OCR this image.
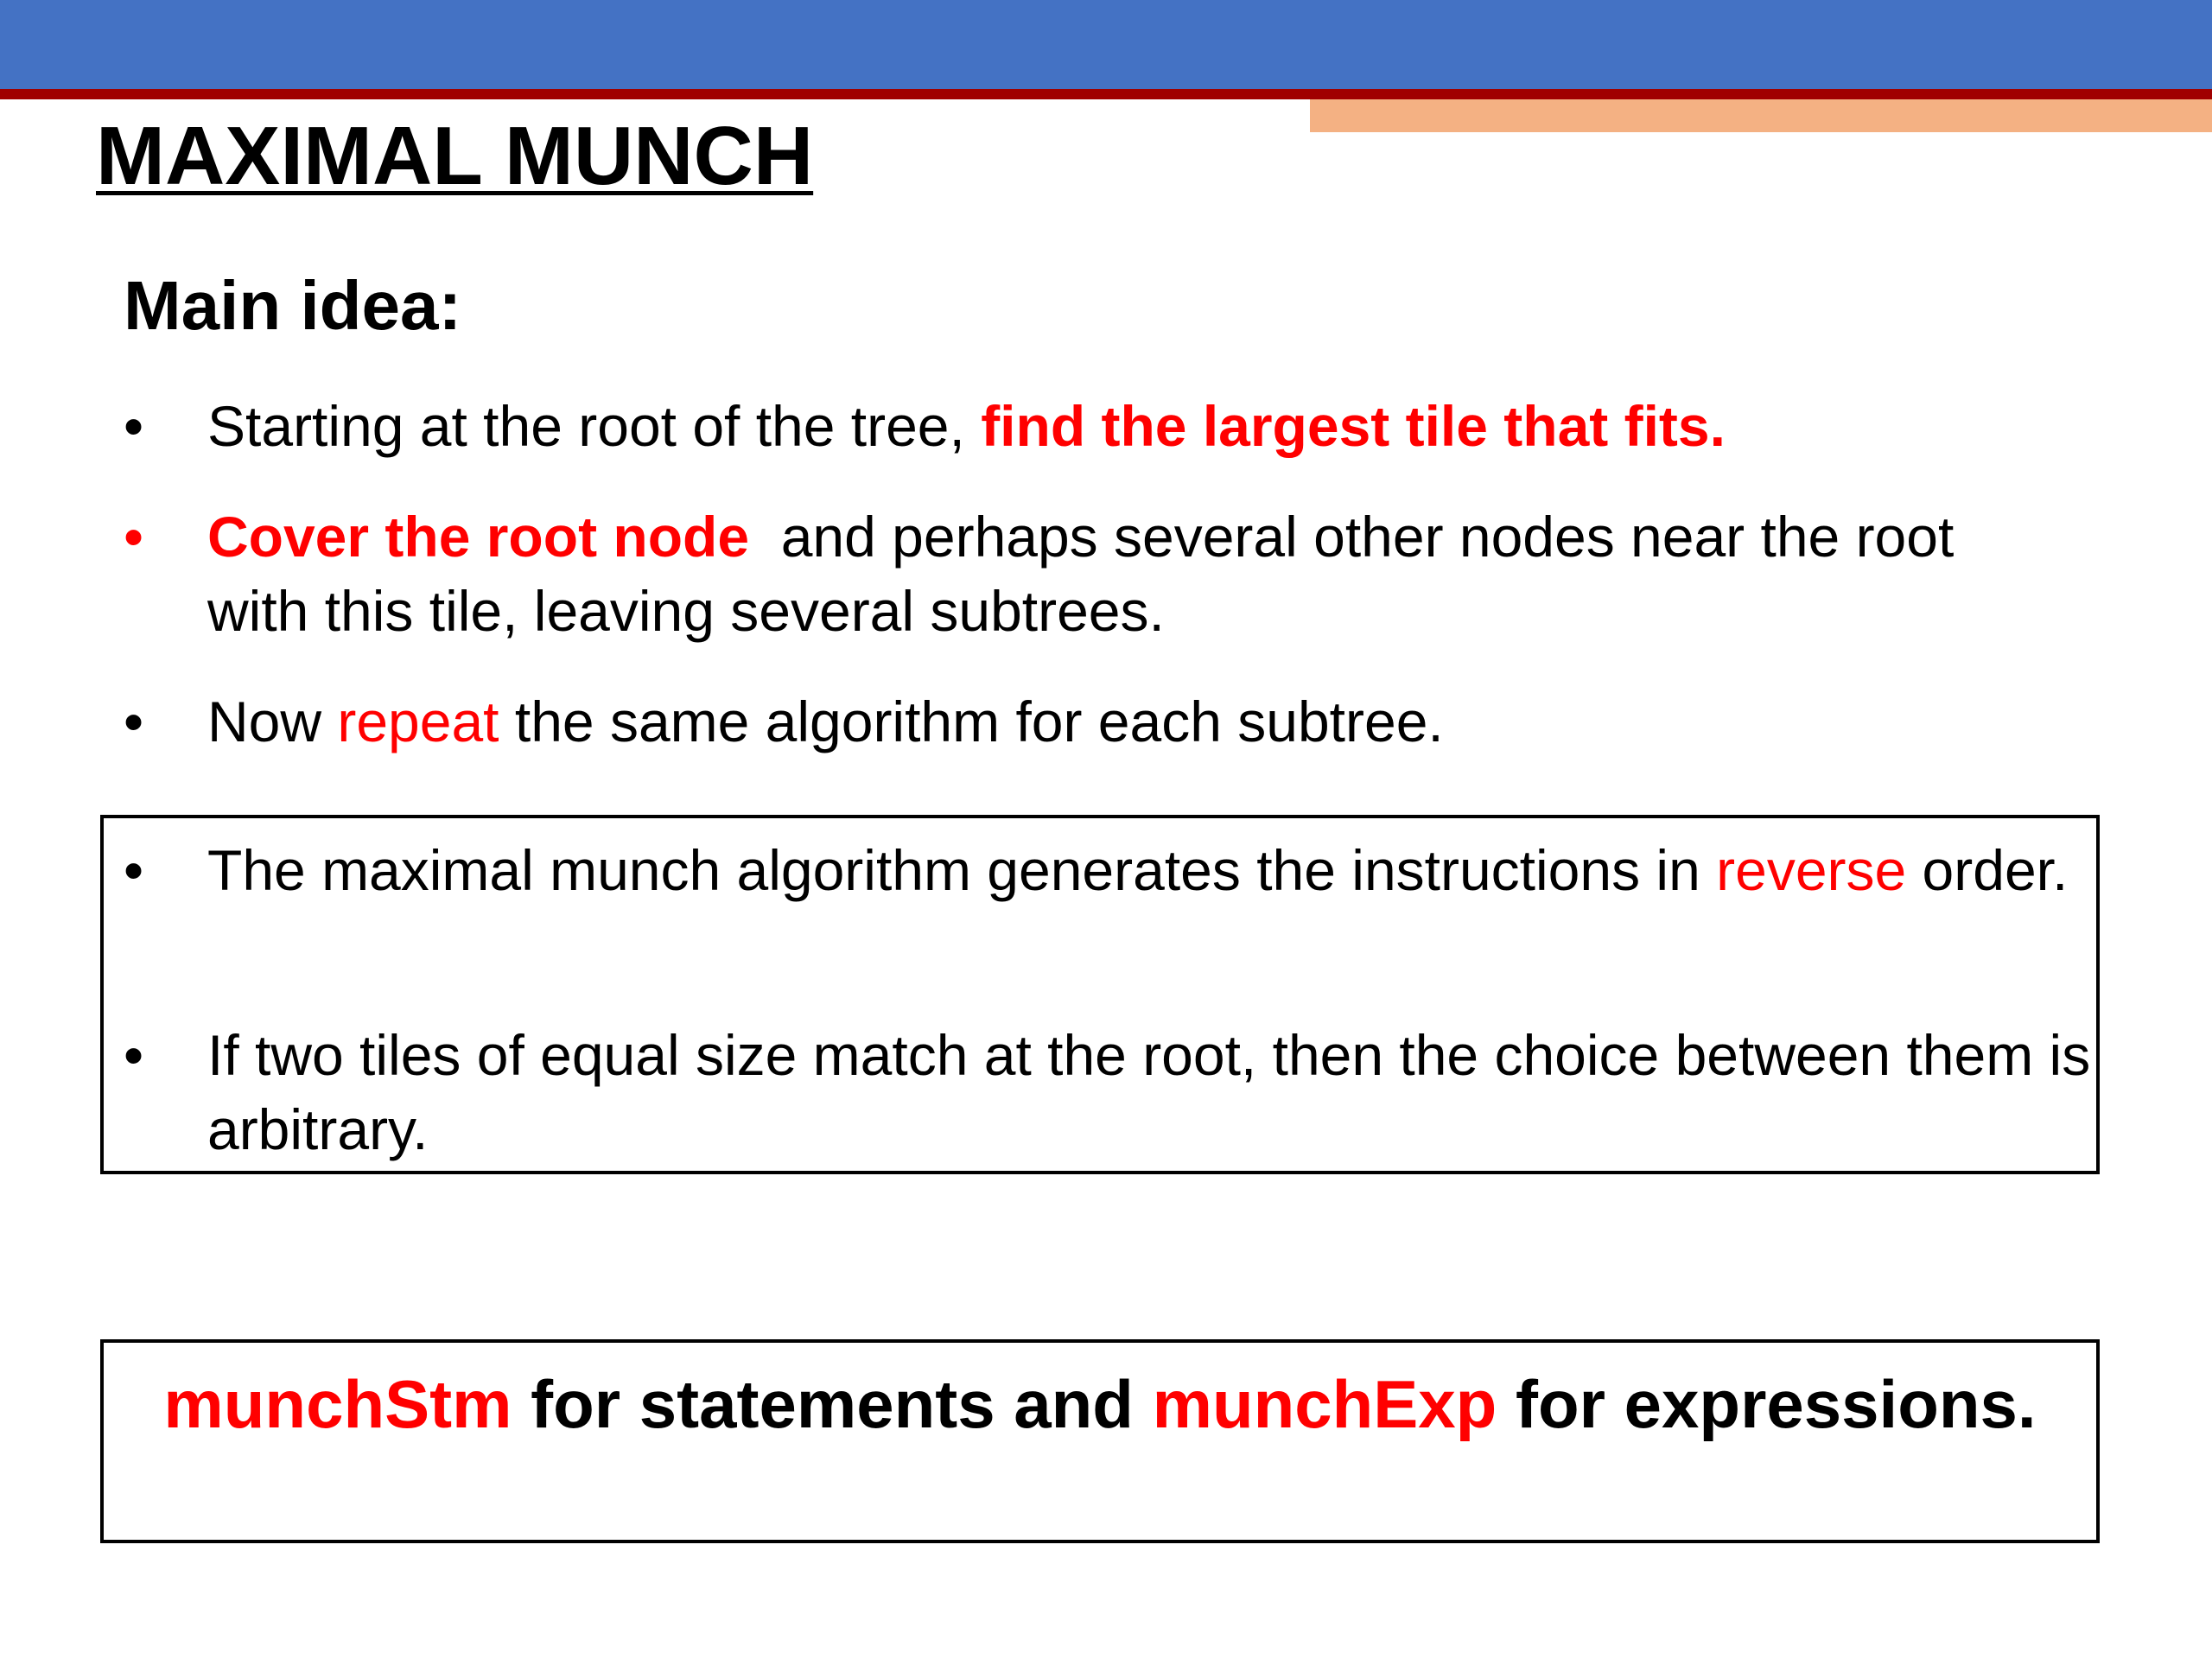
MAXIMAL MUNCH
Main idea:
• Starting at the root of the tree, find the largest tile that fits.
• Cover the root node  and perhaps several other nodes near the root  with this tile, leaving several subtrees.
• Now repeat the same algorithm for each subtree.
• The maximal munch algorithm generates the instructions in reverse order.
• If two tiles of equal size match at the root, then the choice between them is arbitrary.
munchStm for statements and munchExp for expressions.
